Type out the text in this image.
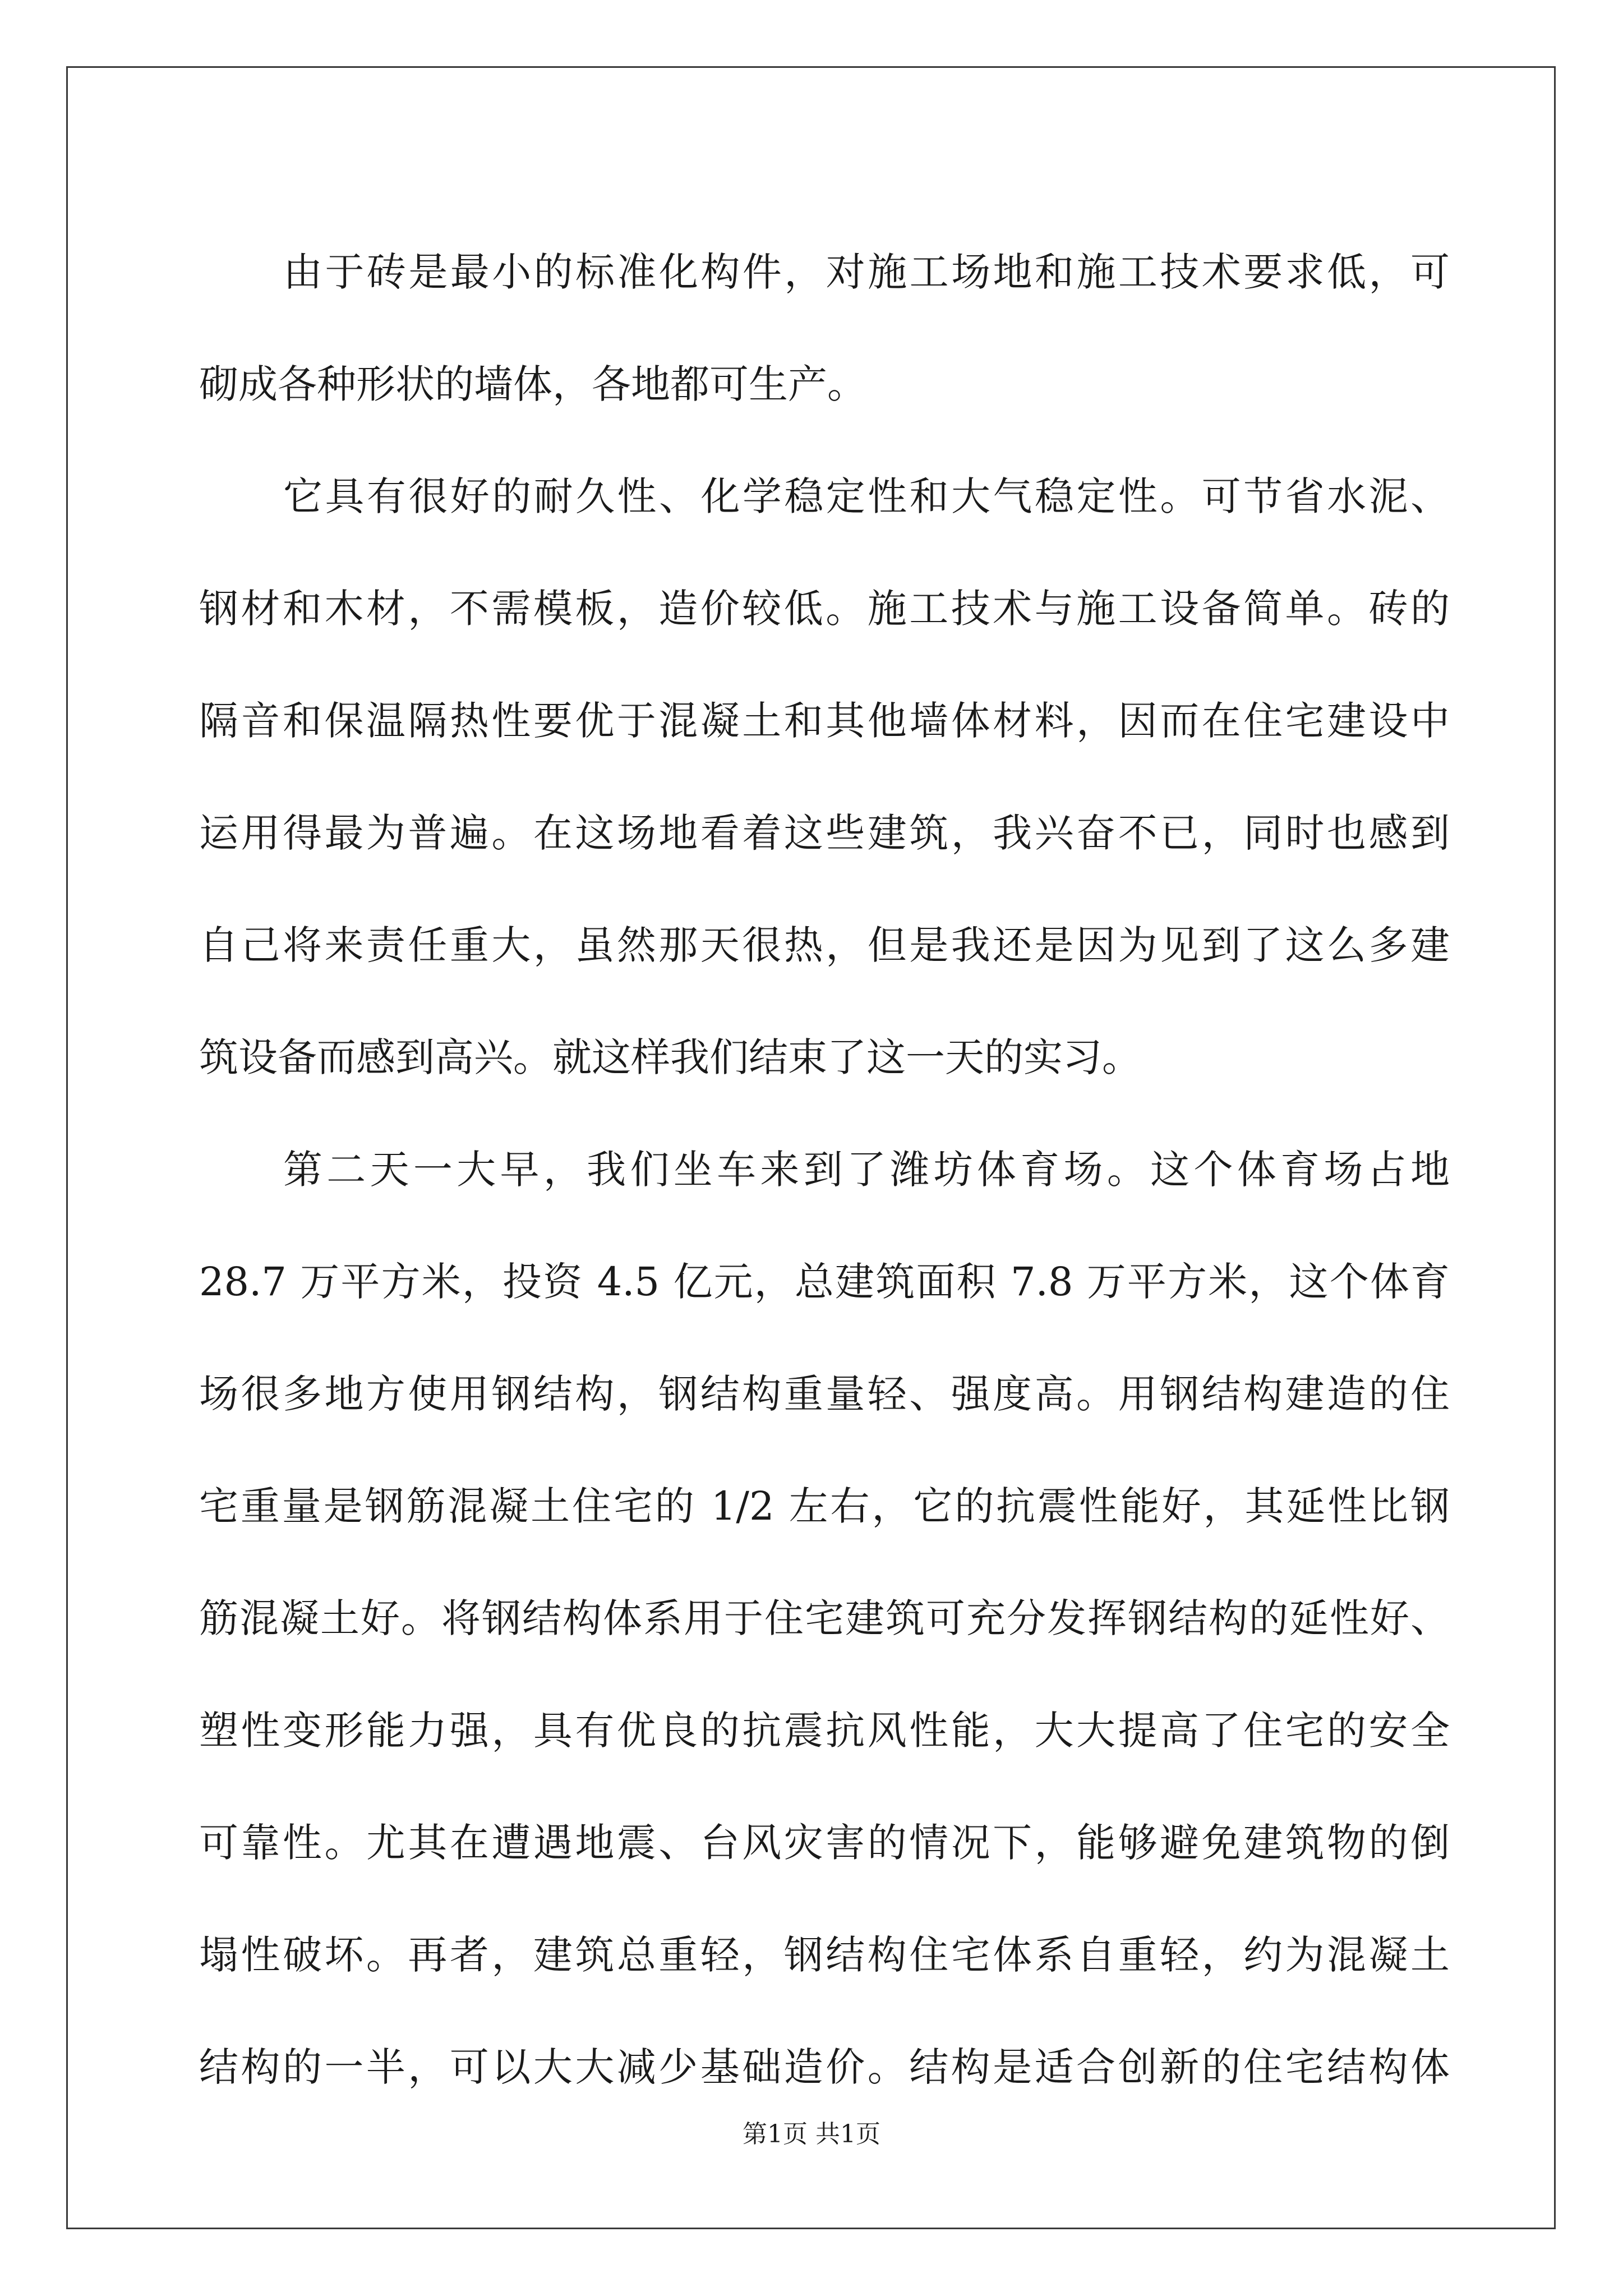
由于砖是最小的标准化构件，对施工场地和施工技术要求低，可
砌成各种形状的墙体，各地都可生产。
它具有很好的耐久性、化学稳定性和大气稳定性。可节省水泥、
钢材和木材，不需模板，造价较低。施工技术与施工设备简单。砖的
隔音和保温隔热性要优于混凝土和其他墙体材料，因而在住宅建设中
运用得最为普遍。在这场地看着这些建筑，我兴奋不已，同时也感到
自己将来责任重大，虽然那天很热，但是我还是因为见到了这么多建
筑设备而感到高兴。就这样我们结束了这一天的实习。
第二天一大早，我们坐车来到了潍坊体育场。这个体育场占地
28.7 万平方米，投资 4.5 亿元，总建筑面积 7.8 万平方米，这个体育
场很多地方使用钢结构，钢结构重量轻、强度高。用钢结构建造的住
宅重量是钢筋混凝土住宅的 1/2 左右，它的抗震性能好，其延性比钢
筋混凝土好。将钢结构体系用于住宅建筑可充分发挥钢结构的延性好、
塑性变形能力强，具有优良的抗震抗风性能，大大提高了住宅的安全
可靠性。尤其在遭遇地震、台风灾害的情况下，能够避免建筑物的倒
塌性破坏。再者，建筑总重轻，钢结构住宅体系自重轻，约为混凝土
结构的一半，可以大大减少基础造价。结构是适合创新的住宅结构体
第1页 共1页
